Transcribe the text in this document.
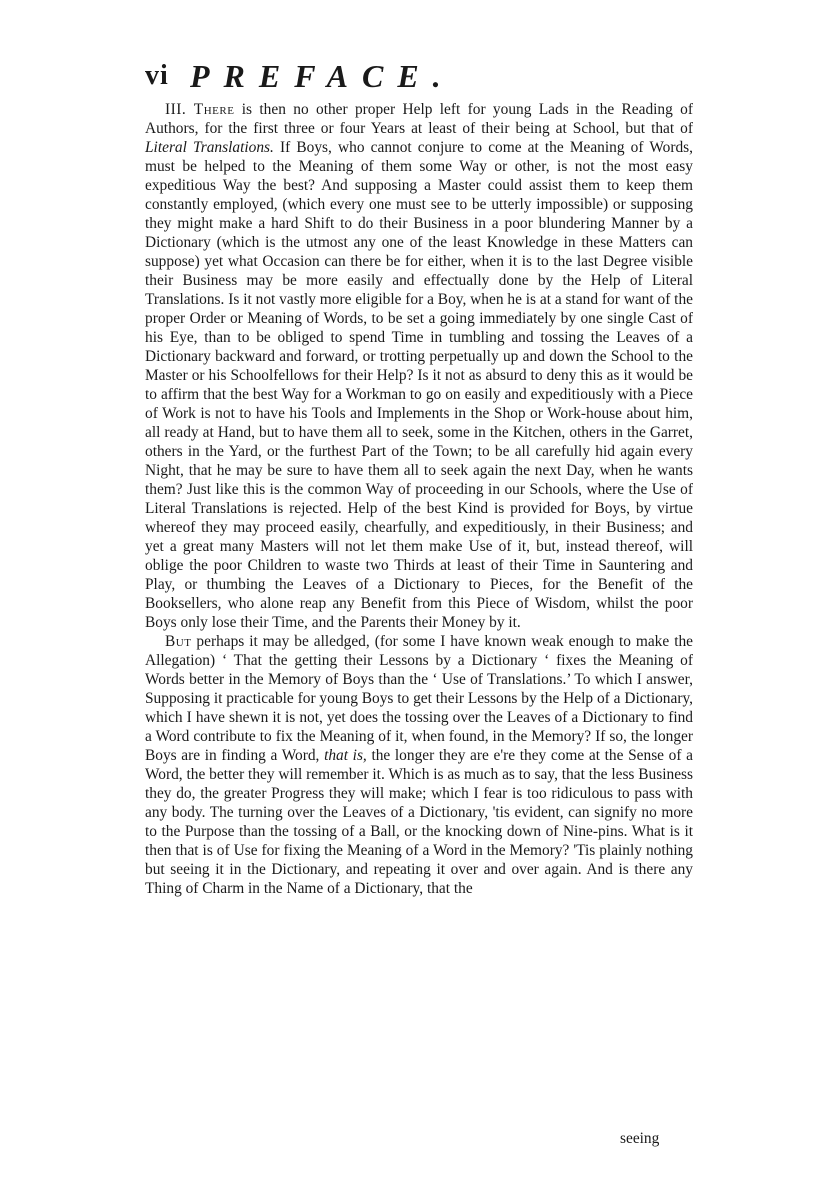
vi PREFACE.

III. There is then no other proper Help left for young Lads in the Reading of Authors, for the first three or four Years at least of their being at School, but that of Literal Translations. If Boys, who cannot conjure to come at the Meaning of Words, must be helped to the Meaning of them some Way or other, is not the most easy expeditious Way the best? And supposing a Master could assist them to keep them constantly employed, (which every one must see to be utterly impossible) or supposing they might make a hard Shift to do their Business in a poor blundering Manner by a Dictionary (which is the utmost any one of the least Knowledge in these Matters can suppose) yet what Occasion can there be for either, when it is to the last Degree visible their Business may be more easily and effectually done by the Help of Literal Translations. Is it not vastly more eligible for a Boy, when he is at a stand for want of the proper Order or Meaning of Words, to be set a going immediately by one single Cast of his Eye, than to be obliged to spend Time in tumbling and tossing the Leaves of a Dictionary backward and forward, or trotting perpetually up and down the School to the Master or his Schoolfellows for their Help? Is it not as absurd to deny this as it would be to affirm that the best Way for a Workman to go on easily and expeditiously with a Piece of Work is not to have his Tools and Implements in the Shop or Work-house about him, all ready at Hand, but to have them all to seek, some in the Kitchen, others in the Garret, others in the Yard, or the furthest Part of the Town; to be all carefully hid again every Night, that he may be sure to have them all to seek again the next Day, when he wants them? Just like this is the common Way of proceeding in our Schools, where the Use of Literal Translations is rejected. Help of the best Kind is provided for Boys, by virtue whereof they may proceed easily, chearfully, and expeditiously, in their Business; and yet a great many Masters will not let them make Use of it, but, instead thereof, will oblige the poor Children to waste two Thirds at least of their Time in Sauntering and Play, or thumbing the Leaves of a Dictionary to Pieces, for the Benefit of the Booksellers, who alone reap any Benefit from this Piece of Wisdom, whilst the poor Boys only lose their Time, and the Parents their Money by it.

But perhaps it may be alledged, (for some I have known weak enough to make the Allegation) ‘ That the getting their Lessons by a Dictionary ‘ fixes the Meaning of Words better in the Memory of Boys than the ‘ Use of Translations.’ To which I answer, Supposing it practicable for young Boys to get their Lessons by the Help of a Dictionary, which I have shewn it is not, yet does the tossing over the Leaves of a Dictionary to find a Word contribute to fix the Meaning of it, when found, in the Memory? If so, the longer Boys are in finding a Word, that is, the longer they are e're they come at the Sense of a Word, the better they will remember it. Which is as much as to say, that the less Business they do, the greater Progress they will make; which I fear is too ridiculous to pass with any body. The turning over the Leaves of a Dictionary, 'tis evident, can signify no more to the Purpose than the tossing of a Ball, or the knocking down of Nine-pins. What is it then that is of Use for fixing the Meaning of a Word in the Memory? 'Tis plainly nothing but seeing it in the Dictionary, and repeating it over and over again. And is there any Thing of Charm in the Name of a Dictionary, that the

seeing
